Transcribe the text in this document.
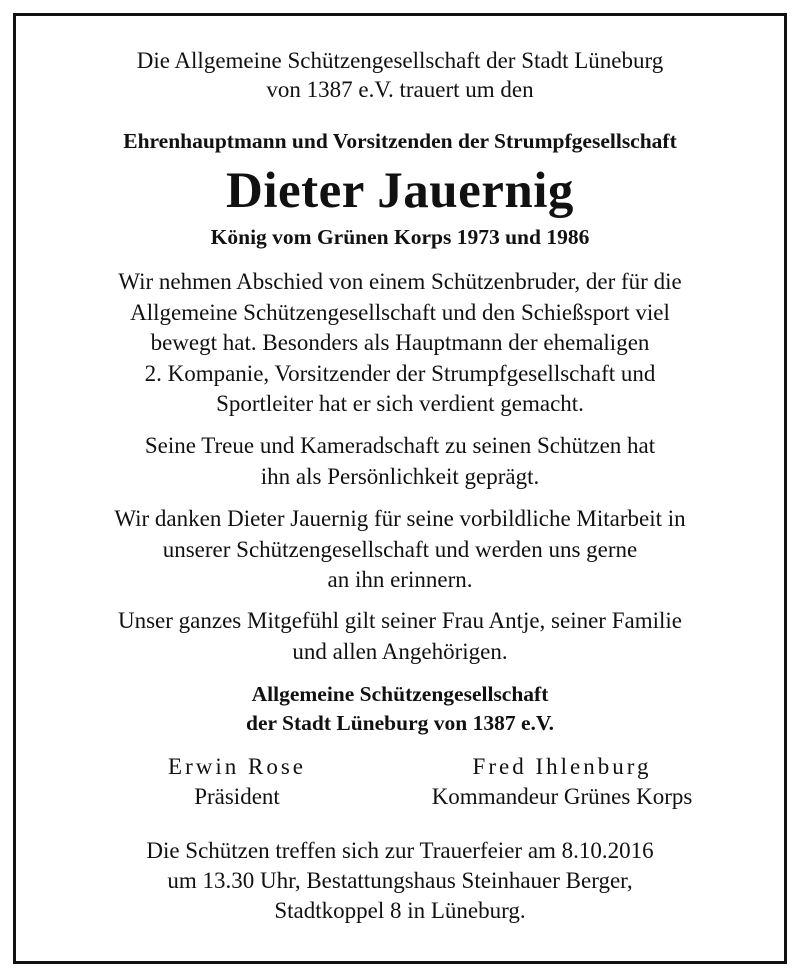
Die Allgemeine Schützengesellschaft der Stadt Lüneburg
von 1387 e.V. trauert um den
Ehrenhauptmann und Vorsitzenden der Strumpfgesellschaft
Dieter Jauernig
König vom Grünen Korps 1973 und 1986
Wir nehmen Abschied von einem Schützenbruder, der für die
Allgemeine Schützengesellschaft und den Schießsport viel
bewegt hat. Besonders als Hauptmann der ehemaligen
2. Kompanie, Vorsitzender der Strumpfgesellschaft und
Sportleiter hat er sich verdient gemacht.
Seine Treue und Kameradschaft zu seinen Schützen hat
ihn als Persönlichkeit geprägt.
Wir danken Dieter Jauernig für seine vorbildliche Mitarbeit in
unserer Schützengesellschaft und werden uns gerne
an ihn erinnern.
Unser ganzes Mitgefühl gilt seiner Frau Antje, seiner Familie
und allen Angehörigen.
Allgemeine Schützengesellschaft
der Stadt Lüneburg von 1387 e.V.
Erwin Rose
Präsident
Fred Ihlenburg
Kommandeur Grünes Korps
Die Schützen treffen sich zur Trauerfeier am 8.10.2016
um 13.30 Uhr, Bestattungshaus Steinhauer Berger,
Stadtkoppel 8 in Lüneburg.
